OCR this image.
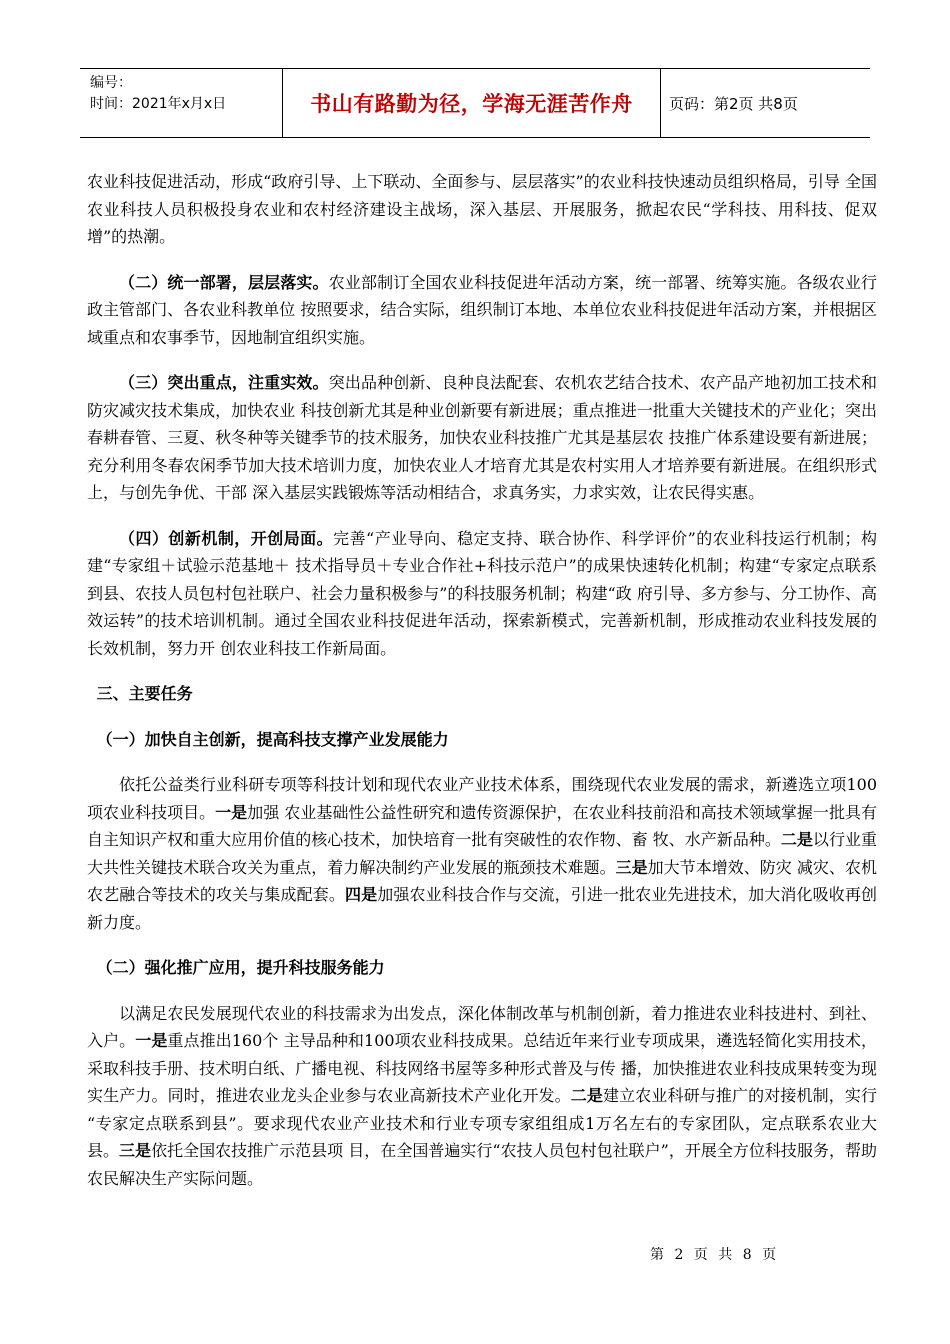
编号：
时间：2021年x月x日	书山有路勤为径，学海无涯苦作舟	页码：第2页 共8页

农业科技促进活动，形成“政府引导、上下联动、全面参与、层层落实”的农业科技快速动员组织格局，引导 全国农业科技人员积极投身农业和农村经济建设主战场，深入基层、开展服务，掀起农民“学科技、用科技、促双增”的热潮。

（二）统一部署，层层落实。农业部制订全国农业科技促进年活动方案，统一部署、统筹实施。各级农业行政主管部门、各农业科教单位 按照要求，结合实际，组织制订本地、本单位农业科技促进年活动方案，并根据区域重点和农事季节，因地制宜组织实施。

（三）突出重点，注重实效。突出品种创新、良种良法配套、农机农艺结合技术、农产品产地初加工技术和防灾减灾技术集成，加快农业 科技创新尤其是种业创新要有新进展；重点推进一批重大关键技术的产业化；突出春耕春管、三夏、秋冬种等关键季节的技术服务，加快农业科技推广尤其是基层农 技推广体系建设要有新进展；充分利用冬春农闲季节加大技术培训力度，加快农业人才培育尤其是农村实用人才培养要有新进展。在组织形式上，与创先争优、干部 深入基层实践锻炼等活动相结合，求真务实，力求实效，让农民得实惠。

（四）创新机制，开创局面。完善“产业导向、稳定支持、联合协作、科学评价”的农业科技运行机制；构建“专家组＋试验示范基地＋ 技术指导员＋专业合作社+科技示范户”的成果快速转化机制；构建“专家定点联系到县、农技人员包村包社联户、社会力量积极参与”的科技服务机制；构建“政 府引导、多方参与、分工协作、高效运转”的技术培训机制。通过全国农业科技促进年活动，探索新模式，完善新机制，形成推动农业科技发展的长效机制，努力开 创农业科技工作新局面。

三、主要任务

（一）加快自主创新，提高科技支撑产业发展能力

依托公益类行业科研专项等科技计划和现代农业产业技术体系，围绕现代农业发展的需求，新遴选立项100项农业科技项目。一是加强 农业基础性公益性研究和遗传资源保护，在农业科技前沿和高技术领域掌握一批具有自主知识产权和重大应用价值的核心技术，加快培育一批有突破性的农作物、畜 牧、水产新品种。二是以行业重大共性关键技术联合攻关为重点，着力解决制约产业发展的瓶颈技术难题。三是加大节本增效、防灾 减灾、农机农艺融合等技术的攻关与集成配套。四是加强农业科技合作与交流，引进一批农业先进技术，加大消化吸收再创新力度。

（二）强化推广应用，提升科技服务能力

以满足农民发展现代农业的科技需求为出发点，深化体制改革与机制创新，着力推进农业科技进村、到社、入户。一是重点推出160个 主导品种和100项农业科技成果。总结近年来行业专项成果，遴选轻简化实用技术，采取科技手册、技术明白纸、广播电视、科技网络书屋等多种形式普及与传 播，加快推进农业科技成果转变为现实生产力。同时，推进农业龙头企业参与农业高新技术产业化开发。二是建立农业科研与推广的对接机制，实行 “专家定点联系到县”。要求现代农业产业技术和行业专项专家组组成1万名左右的专家团队，定点联系农业大县。三是依托全国农技推广示范县项 目，在全国普遍实行“农技人员包村包社联户”，开展全方位科技服务，帮助农民解决生产实际问题。

第 2 页 共 8 页
